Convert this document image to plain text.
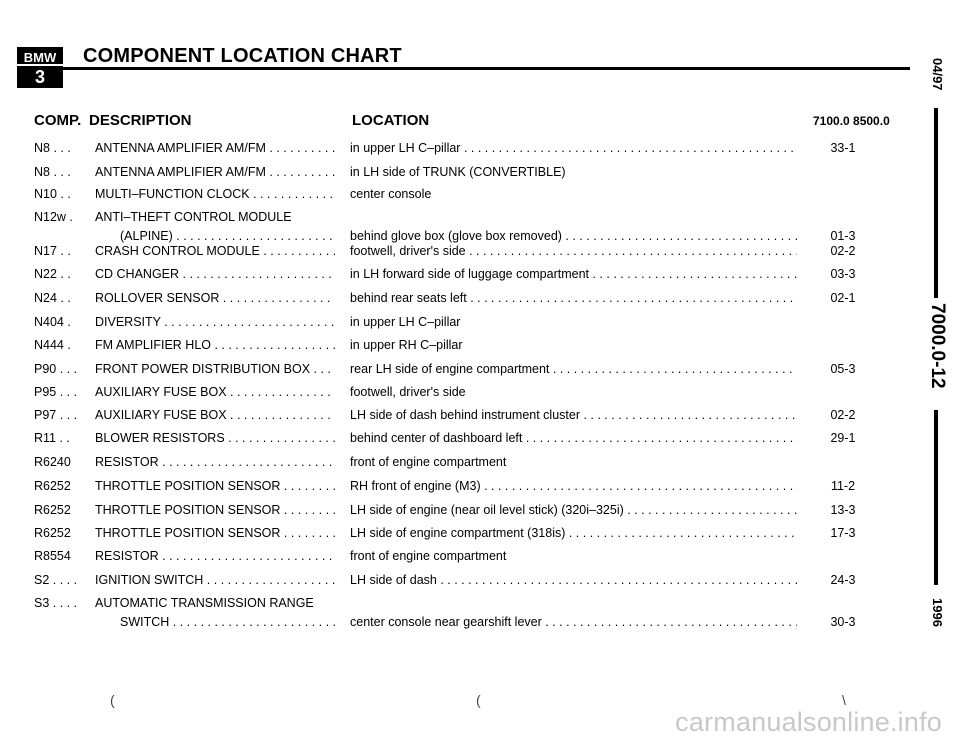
BMW
3
COMPONENT LOCATION CHART
COMP. DESCRIPTION	LOCATION	7100.0 8500.0
N8 . . . ANTENNA AMPLIFIER AM/FM . . .	in upper LH C–pillar . . .	33-1
N8 . . . ANTENNA AMPLIFIER AM/FM . . .	in LH side of TRUNK (CONVERTIBLE)
N10 . . MULTI–FUNCTION CLOCK . . .	center console
N12w . ANTI–THEFT CONTROL MODULE
(ALPINE) . . .	behind glove box (glove box removed) . . .	01-3
N17 . . CRASH CONTROL MODULE . . .	footwell, driver's side . . .	02-2
N22 . . CD CHANGER . . .	in LH forward side of luggage compartment . . .	03-3
N24 . . ROLLOVER SENSOR . . .	behind rear seats left . . .	02-1
N404 . DIVERSITY . . .	in upper LH C–pillar
N444 . FM AMPLIFIER HLO . . .	in upper RH C–pillar
P90 . . . FRONT POWER DISTRIBUTION BOX . . .	rear LH side of engine compartment . . .	05-3
P95 . . . AUXILIARY FUSE BOX . . .	footwell, driver's side
P97 . . . AUXILIARY FUSE BOX . . .	LH side of dash behind instrument cluster . . .	02-2
R11 . . BLOWER RESISTORS . . .	behind center of dashboard left . . .	29-1
R6240 RESISTOR . . .	front of engine compartment
R6252 THROTTLE POSITION SENSOR . . .	RH front of engine (M3) . . .	11-2
R6252 THROTTLE POSITION SENSOR . . .	LH side of engine (near oil level stick) (320i–325i) . . .	13-3
R6252 THROTTLE POSITION SENSOR . . .	LH side of engine compartment (318is) . . .	17-3
R8554 RESISTOR . . .	front of engine compartment
S2 . . . . IGNITION SWITCH . . .	LH side of dash . . .	24-3
S3 . . . . AUTOMATIC TRANSMISSION RANGE
SWITCH . . .	center console near gearshift lever . . .	30-3
04/97
7000.0-12
1996
(	(	\
carmanualsonline.info
